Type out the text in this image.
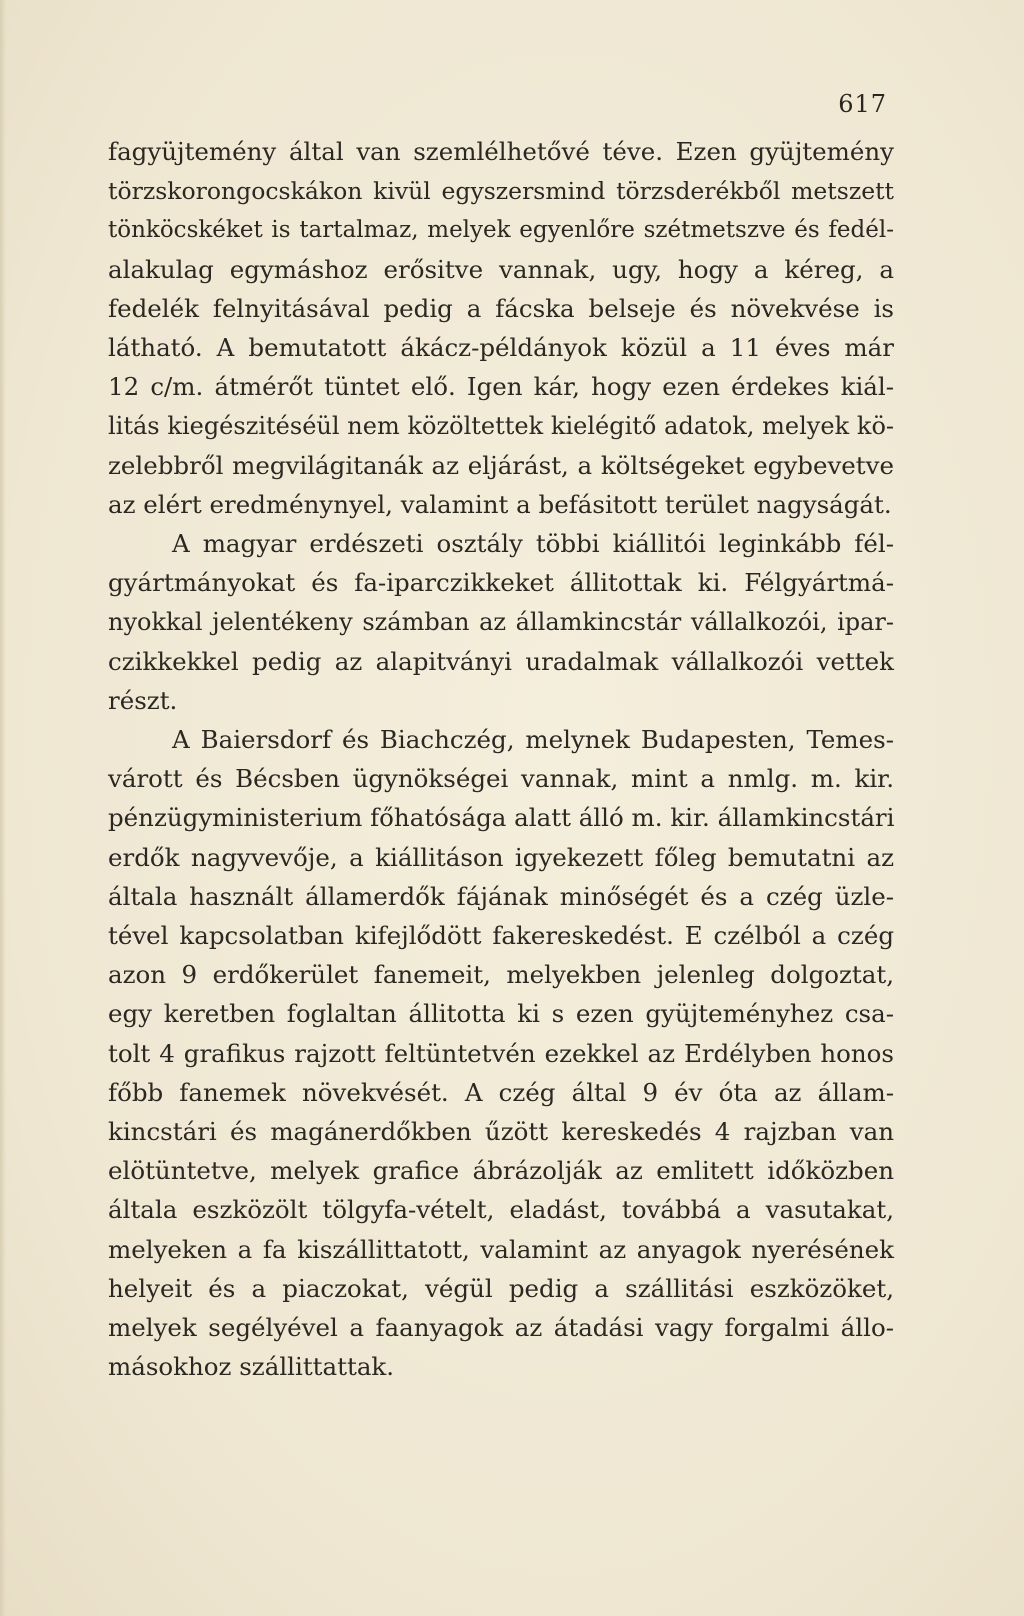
617
fagyüjtemény által van szemlélhetővé téve. Ezen gyüjtemény
törzskorongocskákon kivül egyszersmind törzsderékből metszett
tönköcskéket is tartalmaz, melyek egyenlőre szétmetszve és fedél-
alakulag egymáshoz erősitve vannak, ugy, hogy a kéreg, a
fedelék felnyitásával pedig a fácska belseje és növekvése is
látható. A bemutatott ákácz-példányok közül a 11 éves már
12 c/m. átmérőt tüntet elő. Igen kár, hogy ezen érdekes kiál-
litás kiegészitéséül nem közöltettek kielégitő adatok, melyek kö-
zelebbről megvilágitanák az eljárást, a költségeket egybevetve
az elért eredménynyel, valamint a befásitott terület nagyságát.
A magyar erdészeti osztály többi kiállitói leginkább fél-
gyártmányokat és fa-iparczikkeket állitottak ki. Félgyártmá-
nyokkal jelentékeny számban az államkincstár vállalkozói, ipar-
czikkekkel pedig az alapitványi uradalmak vállalkozói vettek
részt.
A Baiersdorf és Biachczég, melynek Budapesten, Temes-
várott és Bécsben ügynökségei vannak, mint a nmlg. m. kir.
pénzügyministerium főhatósága alatt álló m. kir. államkincstári
erdők nagyvevője, a kiállitáson igyekezett főleg bemutatni az
általa használt államerdők fájának minőségét és a czég üzle-
tével kapcsolatban kifejlődött fakereskedést. E czélból a czég
azon 9 erdőkerület fanemeit, melyekben jelenleg dolgoztat,
egy keretben foglaltan állitotta ki s ezen gyüjteményhez csa-
tolt 4 grafikus rajzott feltüntetvén ezekkel az Erdélyben honos
főbb fanemek növekvését. A czég által 9 év óta az állam-
kincstári és magánerdőkben űzött kereskedés 4 rajzban van
elötüntetve, melyek grafice ábrázolják az emlitett időközben
általa eszközölt tölgyfa-vételt, eladást, továbbá a vasutakat,
melyeken a fa kiszállittatott, valamint az anyagok nyerésének
helyeit és a piaczokat, végül pedig a szállitási eszközöket,
melyek segélyével a faanyagok az átadási vagy forgalmi állo-
másokhoz szállittattak.
